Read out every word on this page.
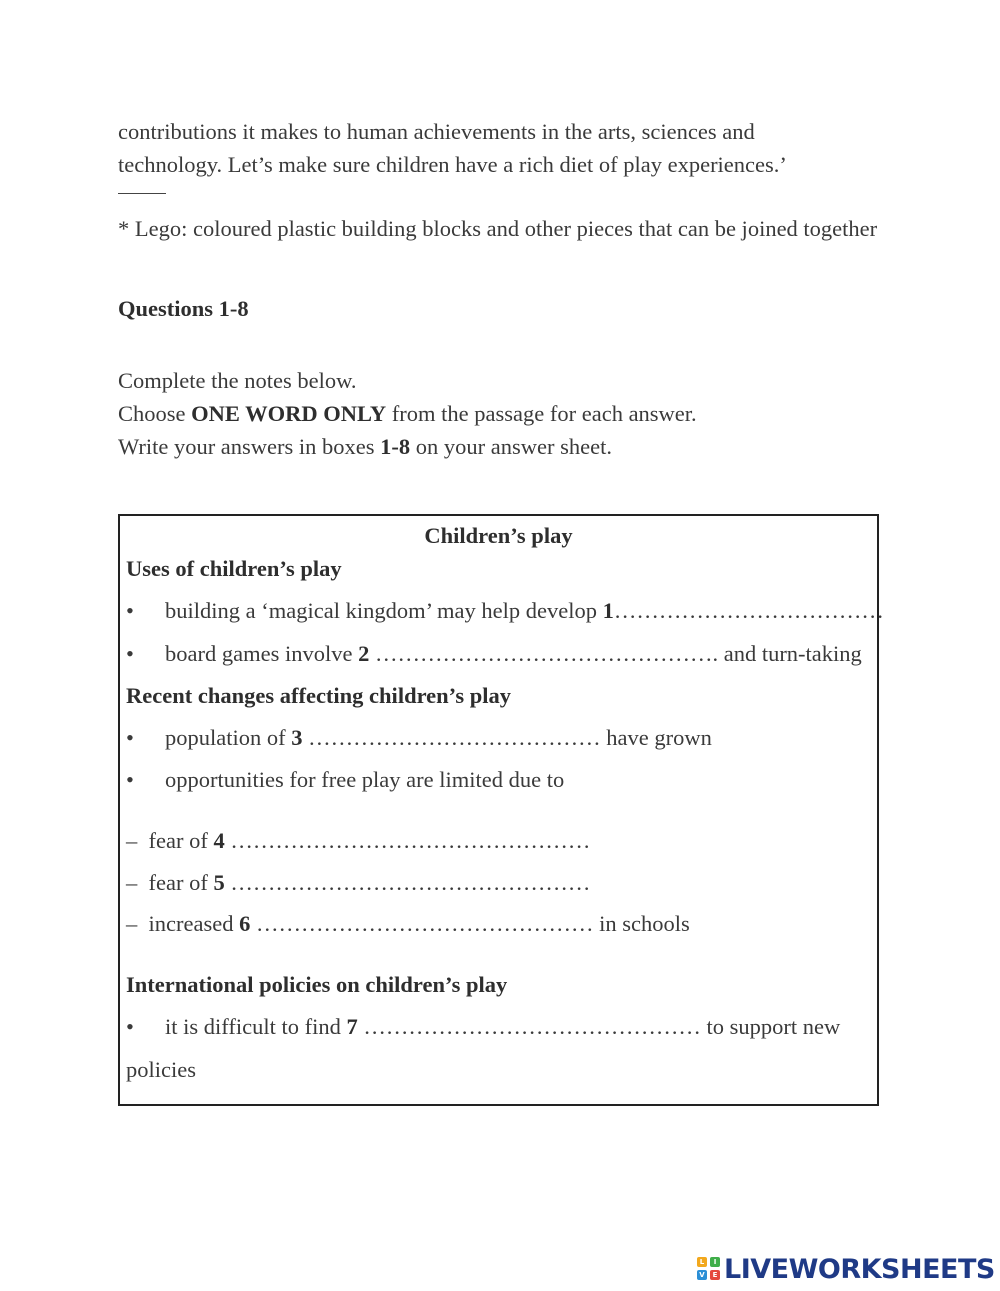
contributions it makes to human achievements in the arts, sciences and
technology. Let’s make sure children have a rich diet of play experiences.’
* Lego: coloured plastic building blocks and other pieces that can be joined together
Questions 1-8
Complete the notes below.
Choose ONE WORD ONLY from the passage for each answer.
Write your answers in boxes 1-8 on your answer sheet.
Children’s play
Uses of children’s play
• building a ‘magical kingdom’ may help develop 1………………………………
• board games involve 2 ………………………………………. and turn-taking
Recent changes affecting children’s play
• population of 3 ………………………………… have grown
• opportunities for free play are limited due to
– fear of 4 …………………………………………
– fear of 5 …………………………………………
– increased 6 ……………………………………… in schools
International policies on children’s play
• it is difficult to find 7 ……………………………………… to support new
policies
L	I
V	E LIVEWORKSHEETS
